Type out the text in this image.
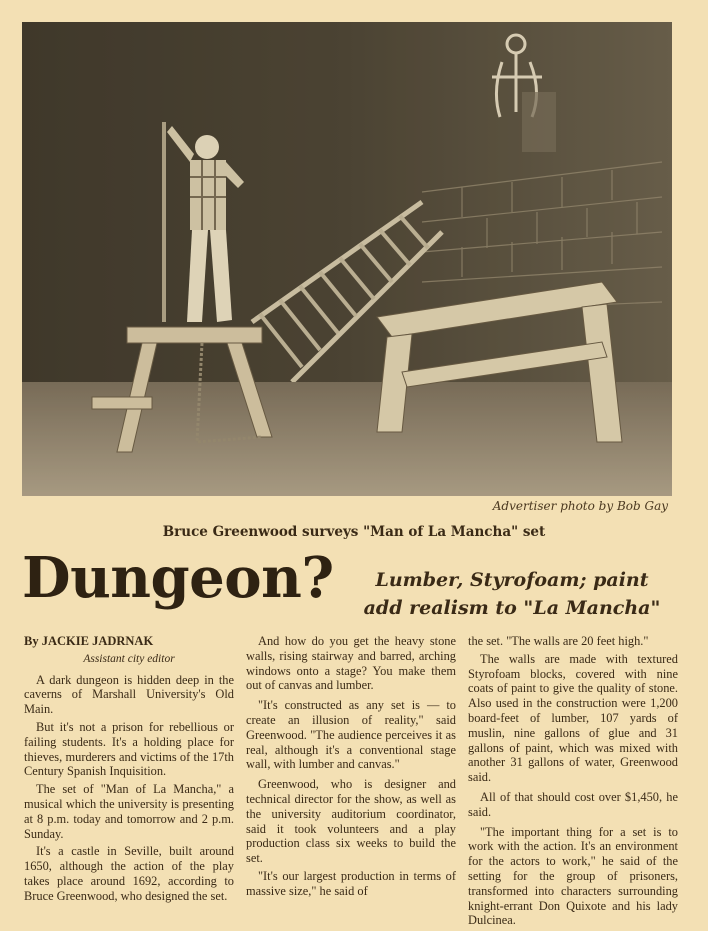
Advertiser photo by Bob Gay
Bruce Greenwood surveys "Man of La Mancha" set
Dungeon?	Lumber, Styrofoam; paint
add realism to "La Mancha"

By JACKIE JADRNAK

Assistant city editor

A dark dungeon is hidden deep in the caverns of Marshall University's Old Main.

But it's not a prison for rebellious or failing students. It's a holding place for thieves, murderers and victims of the 17th Century Spanish Inquisition.

The set of "Man of La Mancha," a musical which the university is presenting at 8 p.m. today and tomorrow and 2 p.m. Sunday.

It's a castle in Seville, built around 1650, although the action of the play takes place around 1692, according to Bruce Greenwood, who designed the set.

And how do you get the heavy stone walls, rising stairway and barred, arching windows onto a stage? You make them out of canvas and lumber.

"It's constructed as any set is — to create an illusion of reality," said Greenwood. "The audience perceives it as real, although it's a conventional stage wall, with lumber and canvas."

Greenwood, who is designer and technical director for the show, as well as the university auditorium coordinator, said it took volunteers and a play production class six weeks to build the set.

"It's our largest production in terms of massive size," he said of

the set. "The walls are 20 feet high."

The walls are made with textured Styrofoam blocks, covered with nine coats of paint to give the quality of stone. Also used in the construction were 1,200 board-feet of lumber, 107 yards of muslin, nine gallons of glue and 31 gallons of paint, which was mixed with another 31 gallons of water, Greenwood said.

All of that should cost over $1,450, he said.

"The important thing for a set is to work with the action. It's an environment for the actors to work," he said of the setting for the group of prisoners, transformed into characters surrounding knight-errant Don Quixote and his lady Dulcinea.
